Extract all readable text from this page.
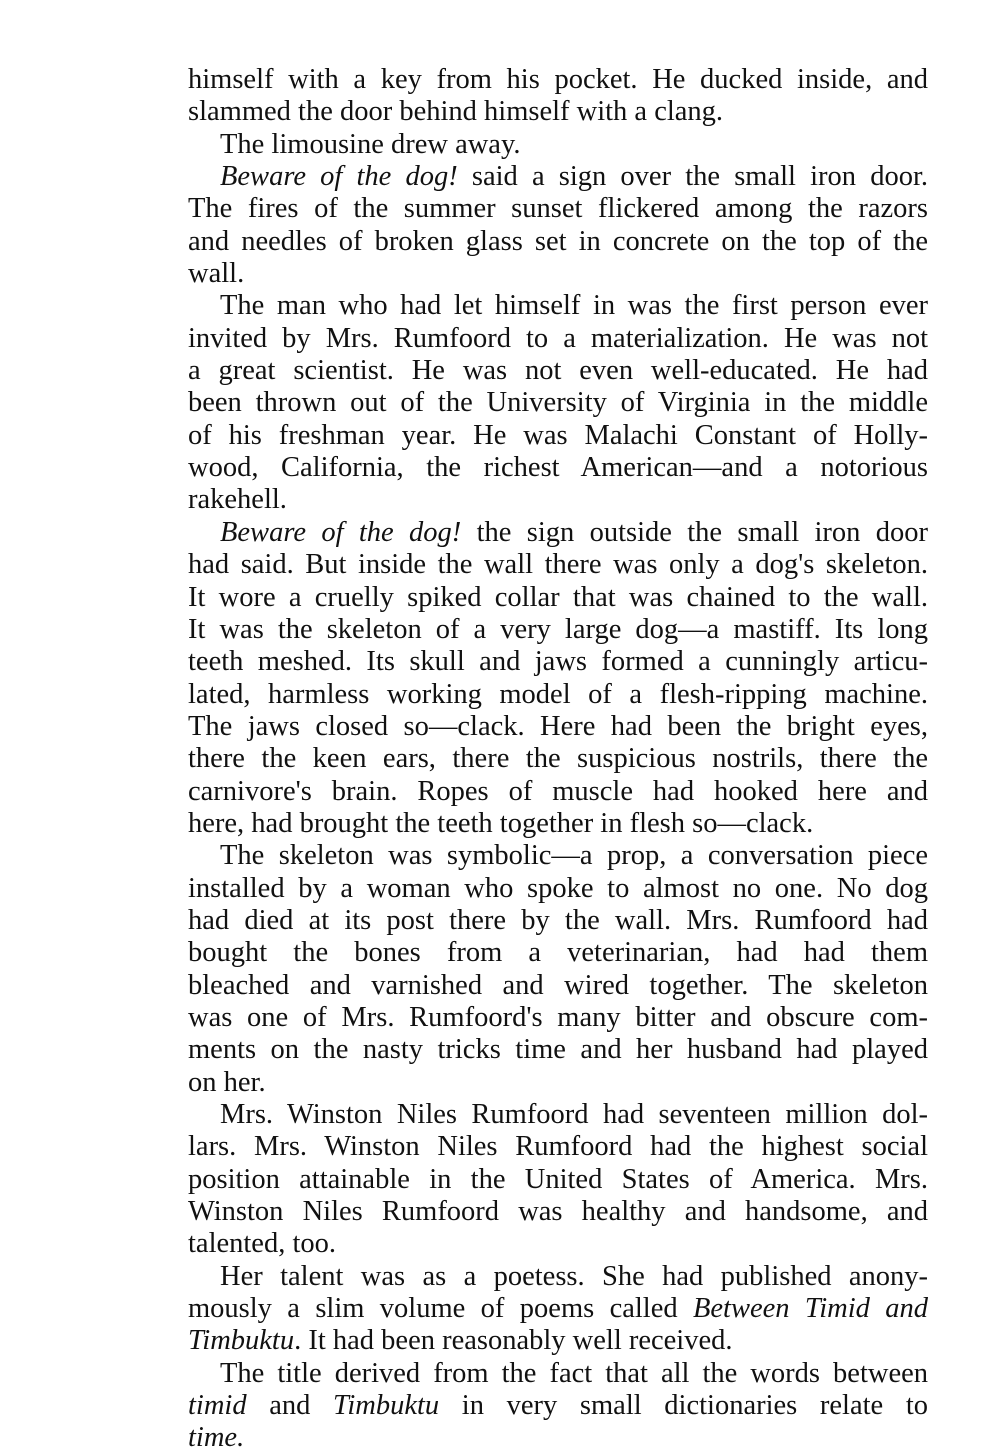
himself with a key from his pocket. He ducked inside, and
slammed the door behind himself with a clang.

The limousine drew away.

Beware of the dog! said a sign over the small iron door.
The fires of the summer sunset flickered among the razors
and needles of broken glass set in concrete on the top of the
wall.

The man who had let himself in was the first person ever
invited by Mrs. Rumfoord to a materialization. He was not
a great scientist. He was not even well-educated. He had
been thrown out of the University of Virginia in the middle
of his freshman year. He was Malachi Constant of Holly-
wood, California, the richest American—and a notorious
rakehell.

Beware of the dog! the sign outside the small iron door
had said. But inside the wall there was only a dog's skeleton.
It wore a cruelly spiked collar that was chained to the wall.
It was the skeleton of a very large dog—a mastiff. Its long
teeth meshed. Its skull and jaws formed a cunningly articu-
lated, harmless working model of a flesh-ripping machine.
The jaws closed so—clack. Here had been the bright eyes,
there the keen ears, there the suspicious nostrils, there the
carnivore's brain. Ropes of muscle had hooked here and
here, had brought the teeth together in flesh so—clack.

The skeleton was symbolic—a prop, a conversation piece
installed by a woman who spoke to almost no one. No dog
had died at its post there by the wall. Mrs. Rumfoord had
bought the bones from a veterinarian, had had them
bleached and varnished and wired together. The skeleton
was one of Mrs. Rumfoord's many bitter and obscure com-
ments on the nasty tricks time and her husband had played
on her.

Mrs. Winston Niles Rumfoord had seventeen million dol-
lars. Mrs. Winston Niles Rumfoord had the highest social
position attainable in the United States of America. Mrs.
Winston Niles Rumfoord was healthy and handsome, and
talented, too.

Her talent was as a poetess. She had published anony-
mously a slim volume of poems called Between Timid and
Timbuktu. It had been reasonably well received.

The title derived from the fact that all the words between
timid and Timbuktu in very small dictionaries relate to
time.
